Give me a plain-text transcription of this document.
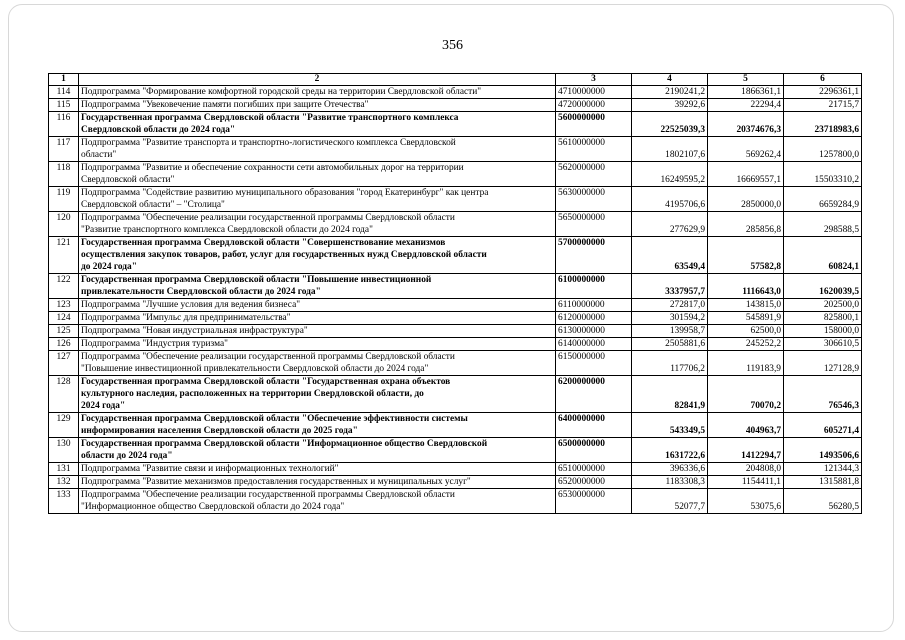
356
1	2	3	4	5	6
114	Подпрограмма "Формирование комфортной городской среды на территории Свердловской области"	4710000000	2190241,2	1866361,1	2296361,1
115	Подпрограмма "Увековечение памяти погибших при защите Отечества"	4720000000	39292,6	22294,4	21715,7
116	Государственная программа Свердловской области "Развитие транспортного комплекса
Свердловской области до 2024 года"	5600000000	22525039,3	20374676,3	23718983,6
117	Подпрограмма "Развитие транспорта и транспортно-логистического комплекса Свердловской
области"	5610000000	1802107,6	569262,4	1257800,0
118	Подпрограмма "Развитие и обеспечение сохранности сети автомобильных дорог на территории
Свердловской области"	5620000000	16249595,2	16669557,1	15503310,2
119	Подпрограмма "Содействие развитию муниципального образования "город Екатеринбург" как центра
Свердловской области" – "Столица"	5630000000	4195706,6	2850000,0	6659284,9
120	Подпрограмма "Обеспечение реализации государственной программы Свердловской области
"Развитие транспортного комплекса Свердловской области до 2024 года"	5650000000	277629,9	285856,8	298588,5
121	Государственная программа Свердловской области "Совершенствование механизмов
осуществления закупок товаров, работ, услуг для государственных нужд Свердловской области
до 2024 года"	5700000000	63549,4	57582,8	60824,1
122	Государственная программа Свердловской области "Повышение инвестиционной
привлекательности Свердловской области до 2024 года"	6100000000	3337957,7	1116643,0	1620039,5
123	Подпрограмма "Лучшие условия для ведения бизнеса"	6110000000	272817,0	143815,0	202500,0
124	Подпрограмма "Импульс для предпринимательства"	6120000000	301594,2	545891,9	825800,1
125	Подпрограмма "Новая индустриальная инфраструктура"	6130000000	139958,7	62500,0	158000,0
126	Подпрограмма "Индустрия туризма"	6140000000	2505881,6	245252,2	306610,5
127	Подпрограмма "Обеспечение реализации государственной программы Свердловской области
"Повышение инвестиционной привлекательности Свердловской области до 2024 года"	6150000000	117706,2	119183,9	127128,9
128	Государственная программа Свердловской области "Государственная охрана объектов
культурного наследия, расположенных на территории Свердловской области, до
2024 года"	6200000000	82841,9	70070,2	76546,3
129	Государственная программа Свердловской области "Обеспечение эффективности системы
информирования населения Свердловской области до 2025 года"	6400000000	543349,5	404963,7	605271,4
130	Государственная программа Свердловской области "Информационное общество Свердловской
области до 2024 года"	6500000000	1631722,6	1412294,7	1493506,6
131	Подпрограмма "Развитие связи и информационных технологий"	6510000000	396336,6	204808,0	121344,3
132	Подпрограмма "Развитие механизмов предоставления государственных и муниципальных услуг"	6520000000	1183308,3	1154411,1	1315881,8
133	Подпрограмма "Обеспечение реализации государственной программы Свердловской области
"Информационное общество Свердловской области до 2024 года"	6530000000	52077,7	53075,6	56280,5
